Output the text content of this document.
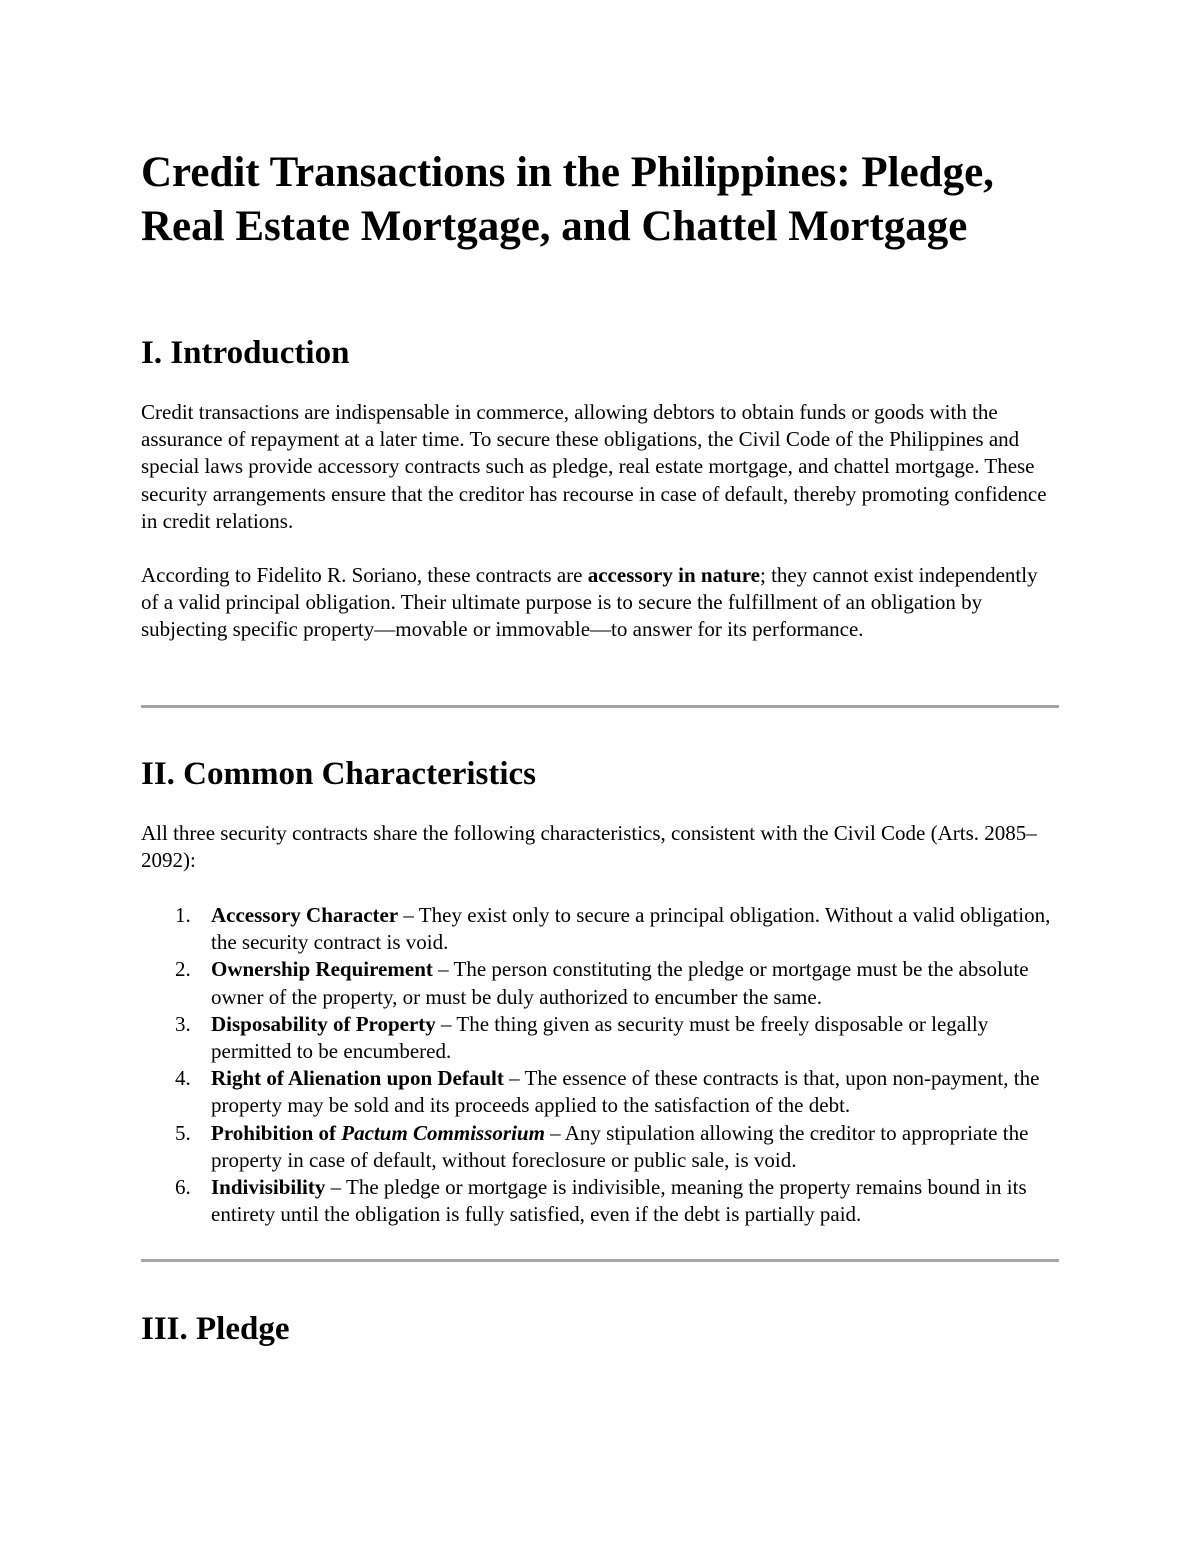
Credit Transactions in the Philippines: Pledge, Real Estate Mortgage, and Chattel Mortgage
I. Introduction

Credit transactions are indispensable in commerce, allowing debtors to obtain funds or goods with the assurance of repayment at a later time. To secure these obligations, the Civil Code of the Philippines and special laws provide accessory contracts such as pledge, real estate mortgage, and chattel mortgage. These security arrangements ensure that the creditor has recourse in case of default, thereby promoting confidence in credit relations.

According to Fidelito R. Soriano, these contracts are accessory in nature; they cannot exist independently of a valid principal obligation. Their ultimate purpose is to secure the fulfillment of an obligation by subjecting specific property—movable or immovable—to answer for its performance.

II. Common Characteristics

All three security contracts share the following characteristics, consistent with the Civil Code (Arts. 2085–2092):

1. Accessory Character – They exist only to secure a principal obligation. Without a valid obligation, the security contract is void.
2. Ownership Requirement – The person constituting the pledge or mortgage must be the absolute owner of the property, or must be duly authorized to encumber the same.
3. Disposability of Property – The thing given as security must be freely disposable or legally permitted to be encumbered.
4. Right of Alienation upon Default – The essence of these contracts is that, upon non-payment, the property may be sold and its proceeds applied to the satisfaction of the debt.
5. Prohibition of Pactum Commissorium – Any stipulation allowing the creditor to appropriate the property in case of default, without foreclosure or public sale, is void.
6. Indivisibility – The pledge or mortgage is indivisible, meaning the property remains bound in its entirety until the obligation is fully satisfied, even if the debt is partially paid.
III. Pledge
